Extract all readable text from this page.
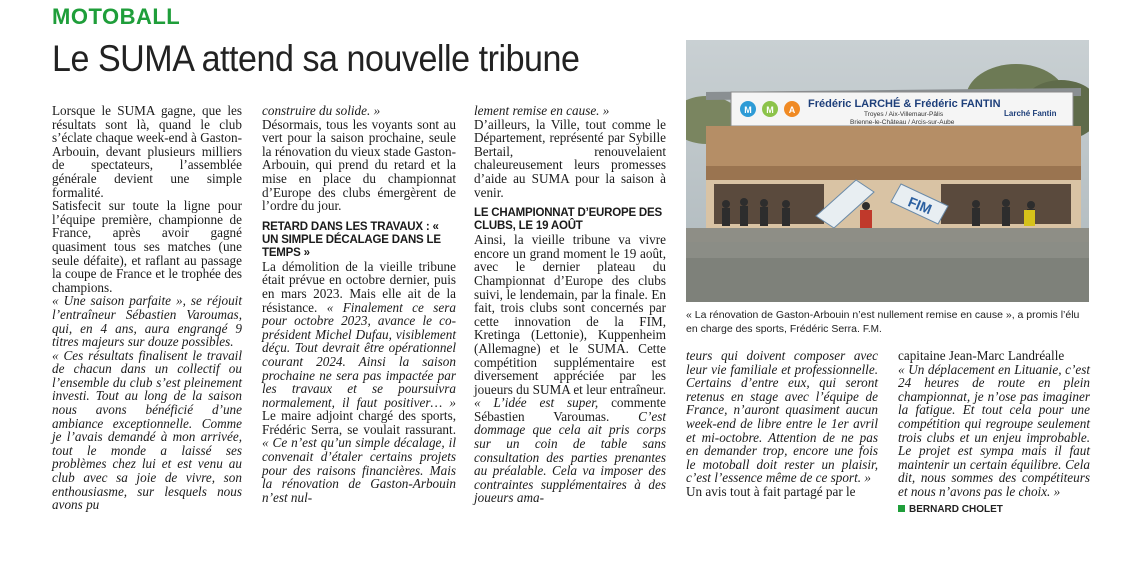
MOTOBALL
Le SUMA attend sa nouvelle tribune

Lorsque le SUMA gagne, que les résultats sont là, quand le club s’éclate chaque week-end à Gaston-Arbouin, devant plusieurs milliers de spectateurs, l’assemblée générale devient une simple formalité.

Satisfecit sur toute la ligne pour l’équipe première, championne de France, après avoir gagné quasiment tous ses matches (une seule défaite), et raflant au passage la coupe de France et le trophée des champions.

« Une saison parfaite », se réjouit l’entraîneur Sébastien Varoumas, qui, en 4 ans, aura engrangé 9 titres majeurs sur douze possibles.

« Ces résultats finalisent le travail de chacun dans un collectif ou l’ensemble du club s’est pleinement investi. Tout au long de la saison nous avons bénéficié d’une ambiance exceptionnelle. Comme je l’avais demandé à mon arrivée, tout le monde a laissé ses problèmes chez lui et est venu au club avec sa joie de vivre, son enthousiasme, sur lesquels nous avons pu

construire du solide. »

Désormais, tous les voyants sont au vert pour la saison prochaine, seule la rénovation du vieux stade Gaston-Arbouin, qui prend du retard et la mise en place du championnat d’Europe des clubs émergèrent de l’ordre du jour.

RETARD DANS LES TRAVAUX : « UN SIMPLE DÉCALAGE DANS LE TEMPS »

La démolition de la vieille tribune était prévue en octobre dernier, puis en mars 2023. Mais elle ait de la résistance. « Finalement ce sera pour octobre 2023, avance le co-président Michel Dufau, visiblement déçu. Tout devrait être opérationnel courant 2024. Ainsi la saison prochaine ne sera pas impactée par les travaux et se poursuivra normalement, il faut positiver… » Le maire adjoint chargé des sports, Frédéric Serra, se voulait rassurant. « Ce n’est qu’un simple décalage, il convenait d’étaler certains projets pour des raisons financières. Mais la rénovation de Gaston-Arbouin n’est nul-

lement remise en cause. »

D’ailleurs, la Ville, tout comme le Département, représenté par Sybille Bertail, renouvelaient chaleureusement leurs promesses d’aide au SUMA pour la saison à venir.

LE CHAMPIONNAT D’EUROPE DES CLUBS, LE 19 AOÛT

Ainsi, la vieille tribune va vivre encore un grand moment le 19 août, avec le dernier plateau du Championnat d’Europe des clubs suivi, le lendemain, par la finale. En fait, trois clubs sont concernés par cette innovation de la FIM, Kretinga (Lettonie), Kuppenheim (Allemagne) et le SUMA. Cette compétition supplémentaire est diversement appréciée par les joueurs du SUMA et leur entraîneur. « L’idée est super, commente Sébastien Varoumas. C’est dommage que cela ait pris corps sur un coin de table sans consultation des parties prenantes au préalable. Cela va imposer des contraintes supplémentaires à des joueurs ama-

M M A Frédéric LARCHÉ & Frédéric FANTIN
Troyes / Aix-Villemaur-Pâlis
Brienne-le-Château / Arcis-sur-Aube
Larché Fantin
FIM
« La rénovation de Gaston-Arbouin n’est nullement remise en cause », a promis l’élu en charge des sports, Frédéric Serra. F.M.

teurs qui doivent composer avec leur vie familiale et professionnelle. Certains d’entre eux, qui seront retenus en stage avec l’équipe de France, n’auront quasiment aucun week-end de libre entre le 1er avril et mi-octobre. Attention de ne pas en demander trop, encore une fois le motoball doit rester un plaisir, c’est l’essence même de ce sport. »

Un avis tout à fait partagé par le

capitaine Jean-Marc Landréalle

« Un déplacement en Lituanie, c’est 24 heures de route en plein championnat, je n’ose pas imaginer la fatigue. Et tout cela pour une compétition qui regroupe seulement trois clubs et un enjeu improbable. Le projet est sympa mais il faut maintenir un certain équilibre. Cela dit, nous sommes des compétiteurs et nous n’avons pas le choix. »

BERNARD CHOLET
